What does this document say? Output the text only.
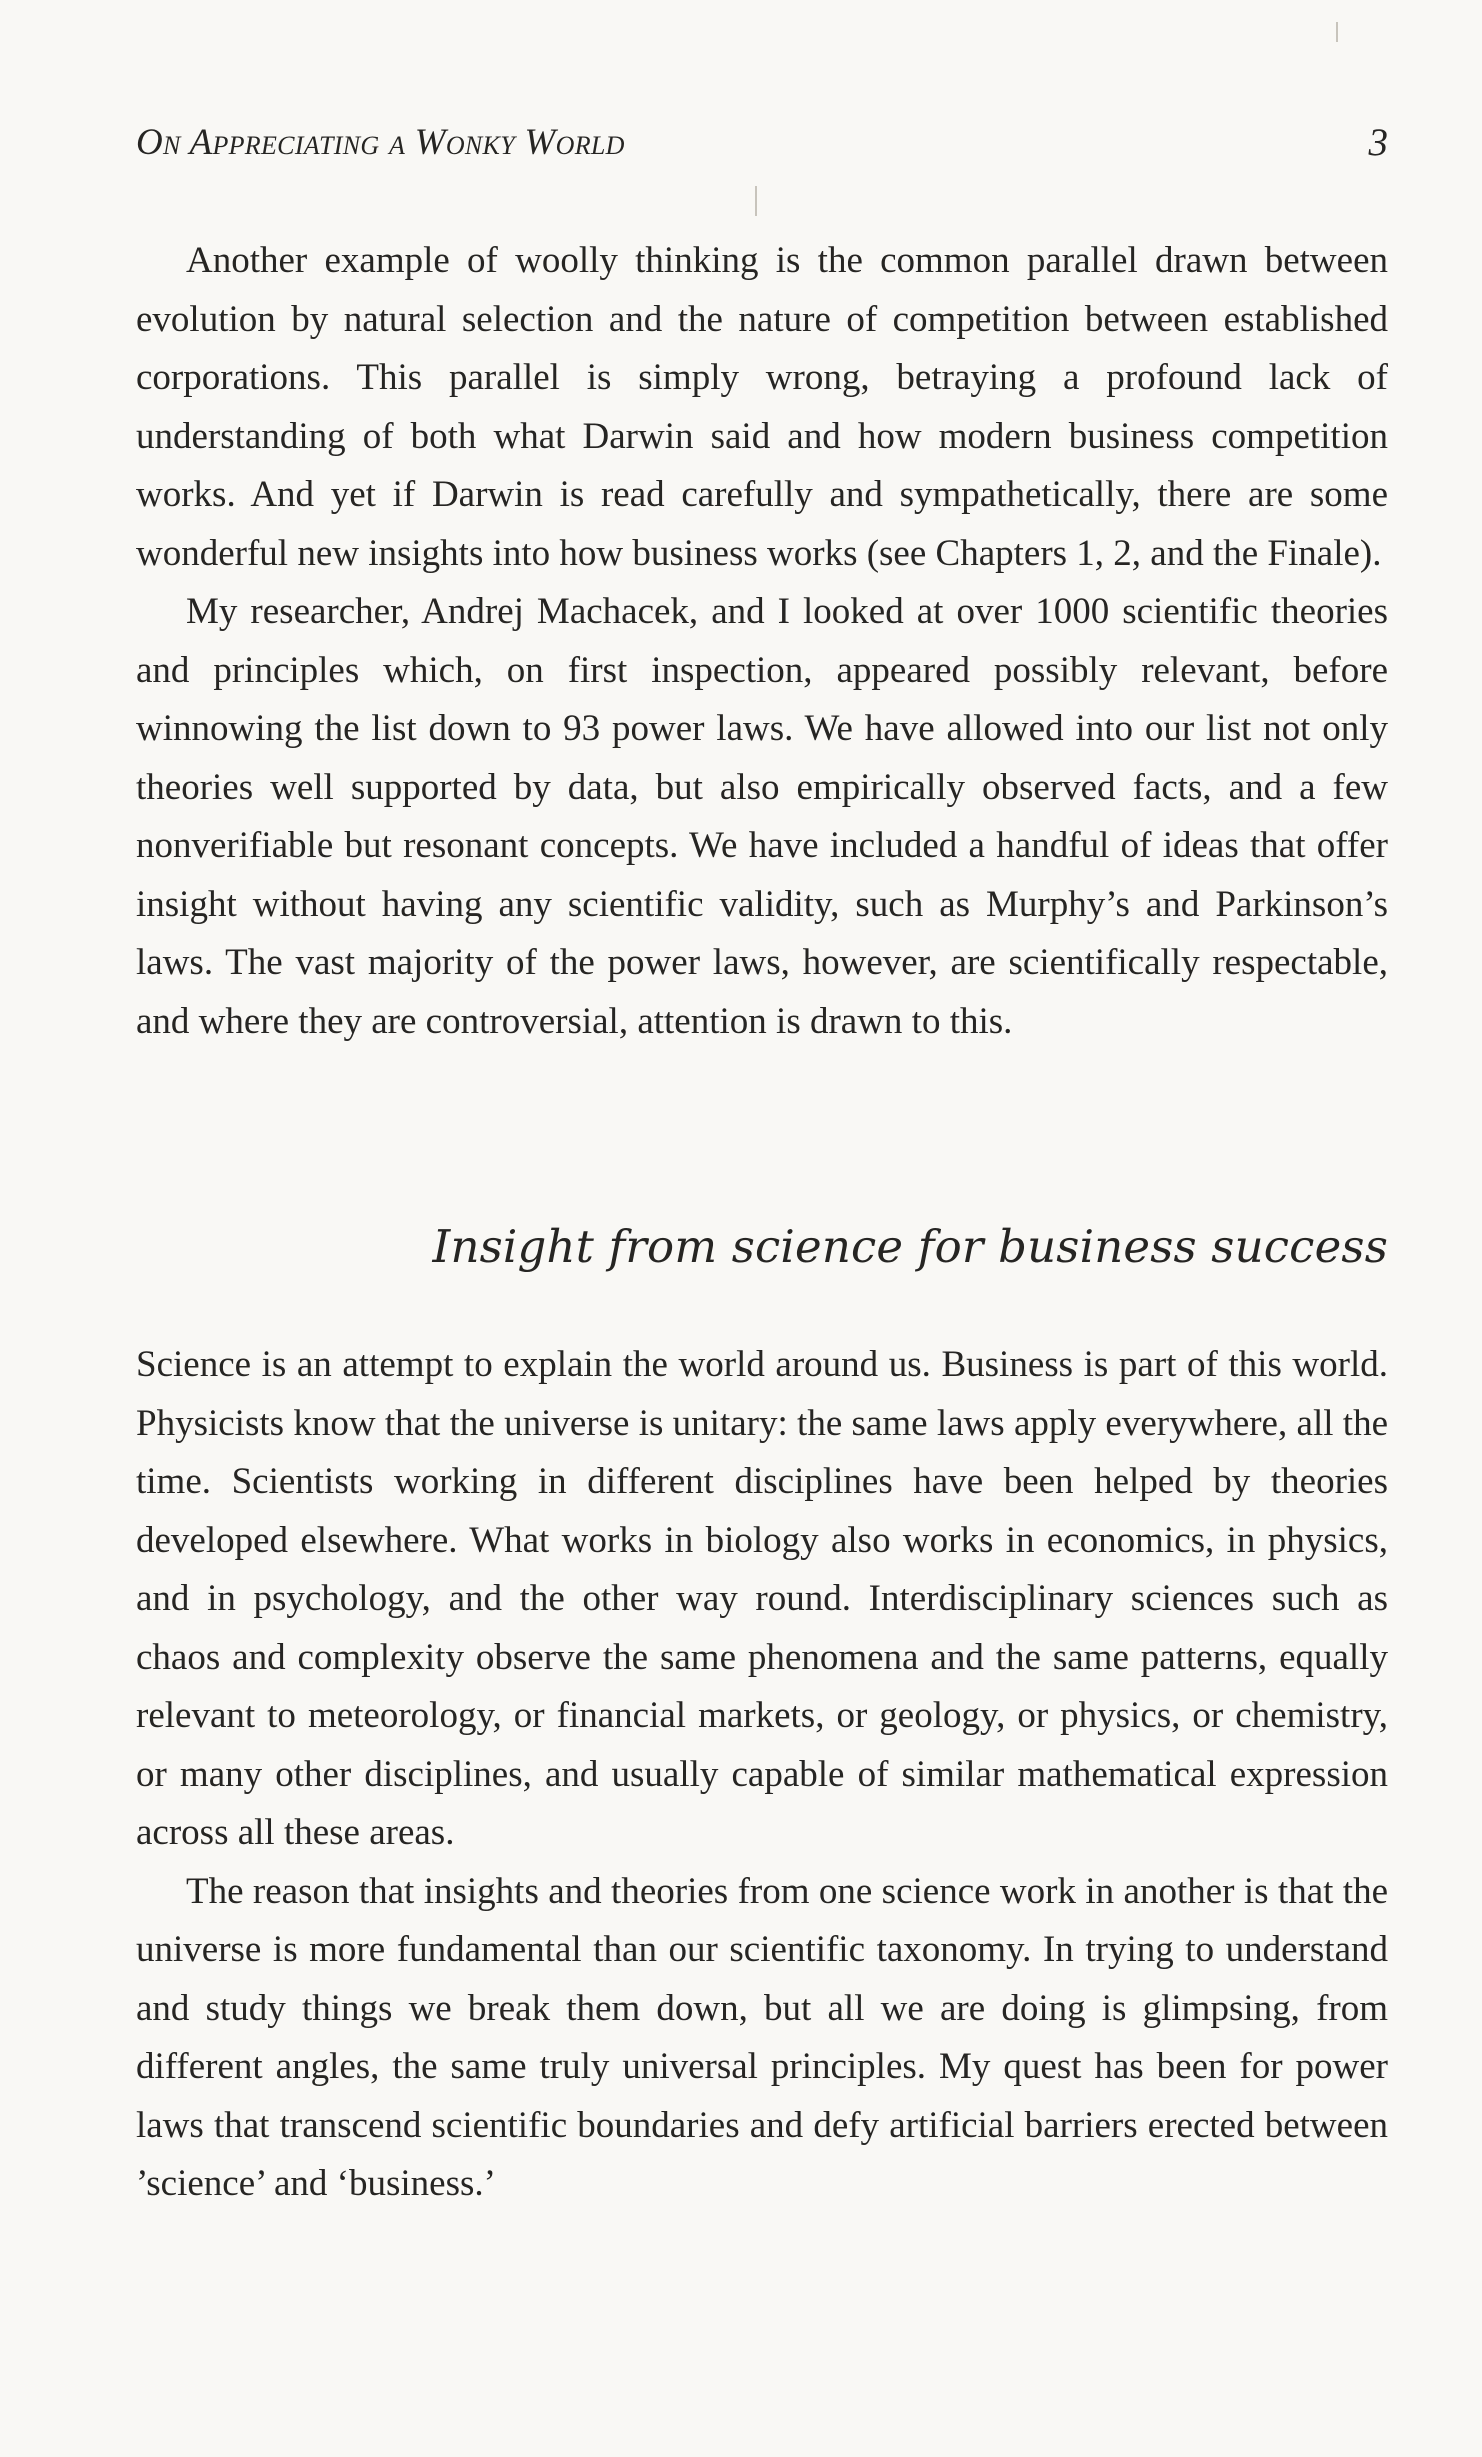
On Appreciating a Wonky World	3

Another example of woolly thinking is the common parallel drawn between evolution by natural selection and the nature of competition between established corporations. This parallel is simply wrong, betraying a profound lack of understanding of both what Darwin said and how modern business competition works. And yet if Darwin is read carefully and sympathetically, there are some wonderful new insights into how business works (see Chapters 1, 2, and the Finale).

My researcher, Andrej Machacek, and I looked at over 1000 scientific theories and principles which, on first inspection, appeared possibly relevant, before winnowing the list down to 93 power laws. We have allowed into our list not only theories well supported by data, but also empirically observed facts, and a few nonverifiable but resonant concepts. We have included a handful of ideas that offer insight without having any scientific validity, such as Murphy’s and Parkinson’s laws. The vast majority of the power laws, however, are scientifically respectable, and where they are controversial, attention is drawn to this.

Insight from science for business success

Science is an attempt to explain the world around us. Business is part of this world. Physicists know that the universe is unitary: the same laws apply everywhere, all the time. Scientists working in different disciplines have been helped by theories developed elsewhere. What works in biology also works in economics, in physics, and in psychology, and the other way round. Interdisciplinary sciences such as chaos and complexity observe the same phenomena and the same patterns, equally relevant to meteorology, or financial markets, or geology, or physics, or chemistry, or many other disciplines, and usually capable of similar mathematical expression across all these areas.

The reason that insights and theories from one science work in another is that the universe is more fundamental than our scientific taxonomy. In trying to understand and study things we break them down, but all we are doing is glimpsing, from different angles, the same truly universal principles. My quest has been for power laws that transcend scientific boundaries and defy artificial barriers erected between ’science’ and ‘business.’
